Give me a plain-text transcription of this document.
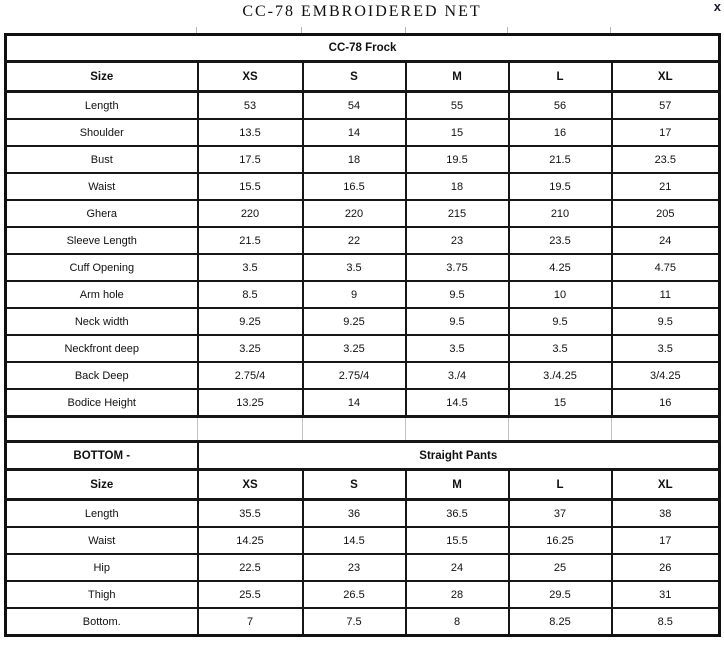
CC-78 EMBROIDERED NET	x
CC-78 Frock					
Size	XS	S	M	L	XL
Length	53	54	55	56	57
Shoulder	13.5	14	15	16	17
Bust	17.5	18	19.5	21.5	23.5
Waist	15.5	16.5	18	19.5	21
Ghera	220	220	215	210	205
Sleeve Length	21.5	22	23	23.5	24
Cuff Opening	3.5	3.5	3.75	4.25	4.75
Arm hole	8.5	9	9.5	10	11
Neck width	9.25	9.25	9.5	9.5	9.5
Neckfront deep	3.25	3.25	3.5	3.5	3.5
Back Deep	2.75/4	2.75/4	3./4	3./4.25	3/4.25
Bodice Height	13.25	14	14.5	15	16

BOTTOM -	Straight Pants				
Size	XS	S	M	L	XL
Length	35.5	36	36.5	37	38
Waist	14.25	14.5	15.5	16.25	17
Hip	22.5	23	24	25	26
Thigh	25.5	26.5	28	29.5	31
Bottom.	7	7.5	8	8.25	8.5
